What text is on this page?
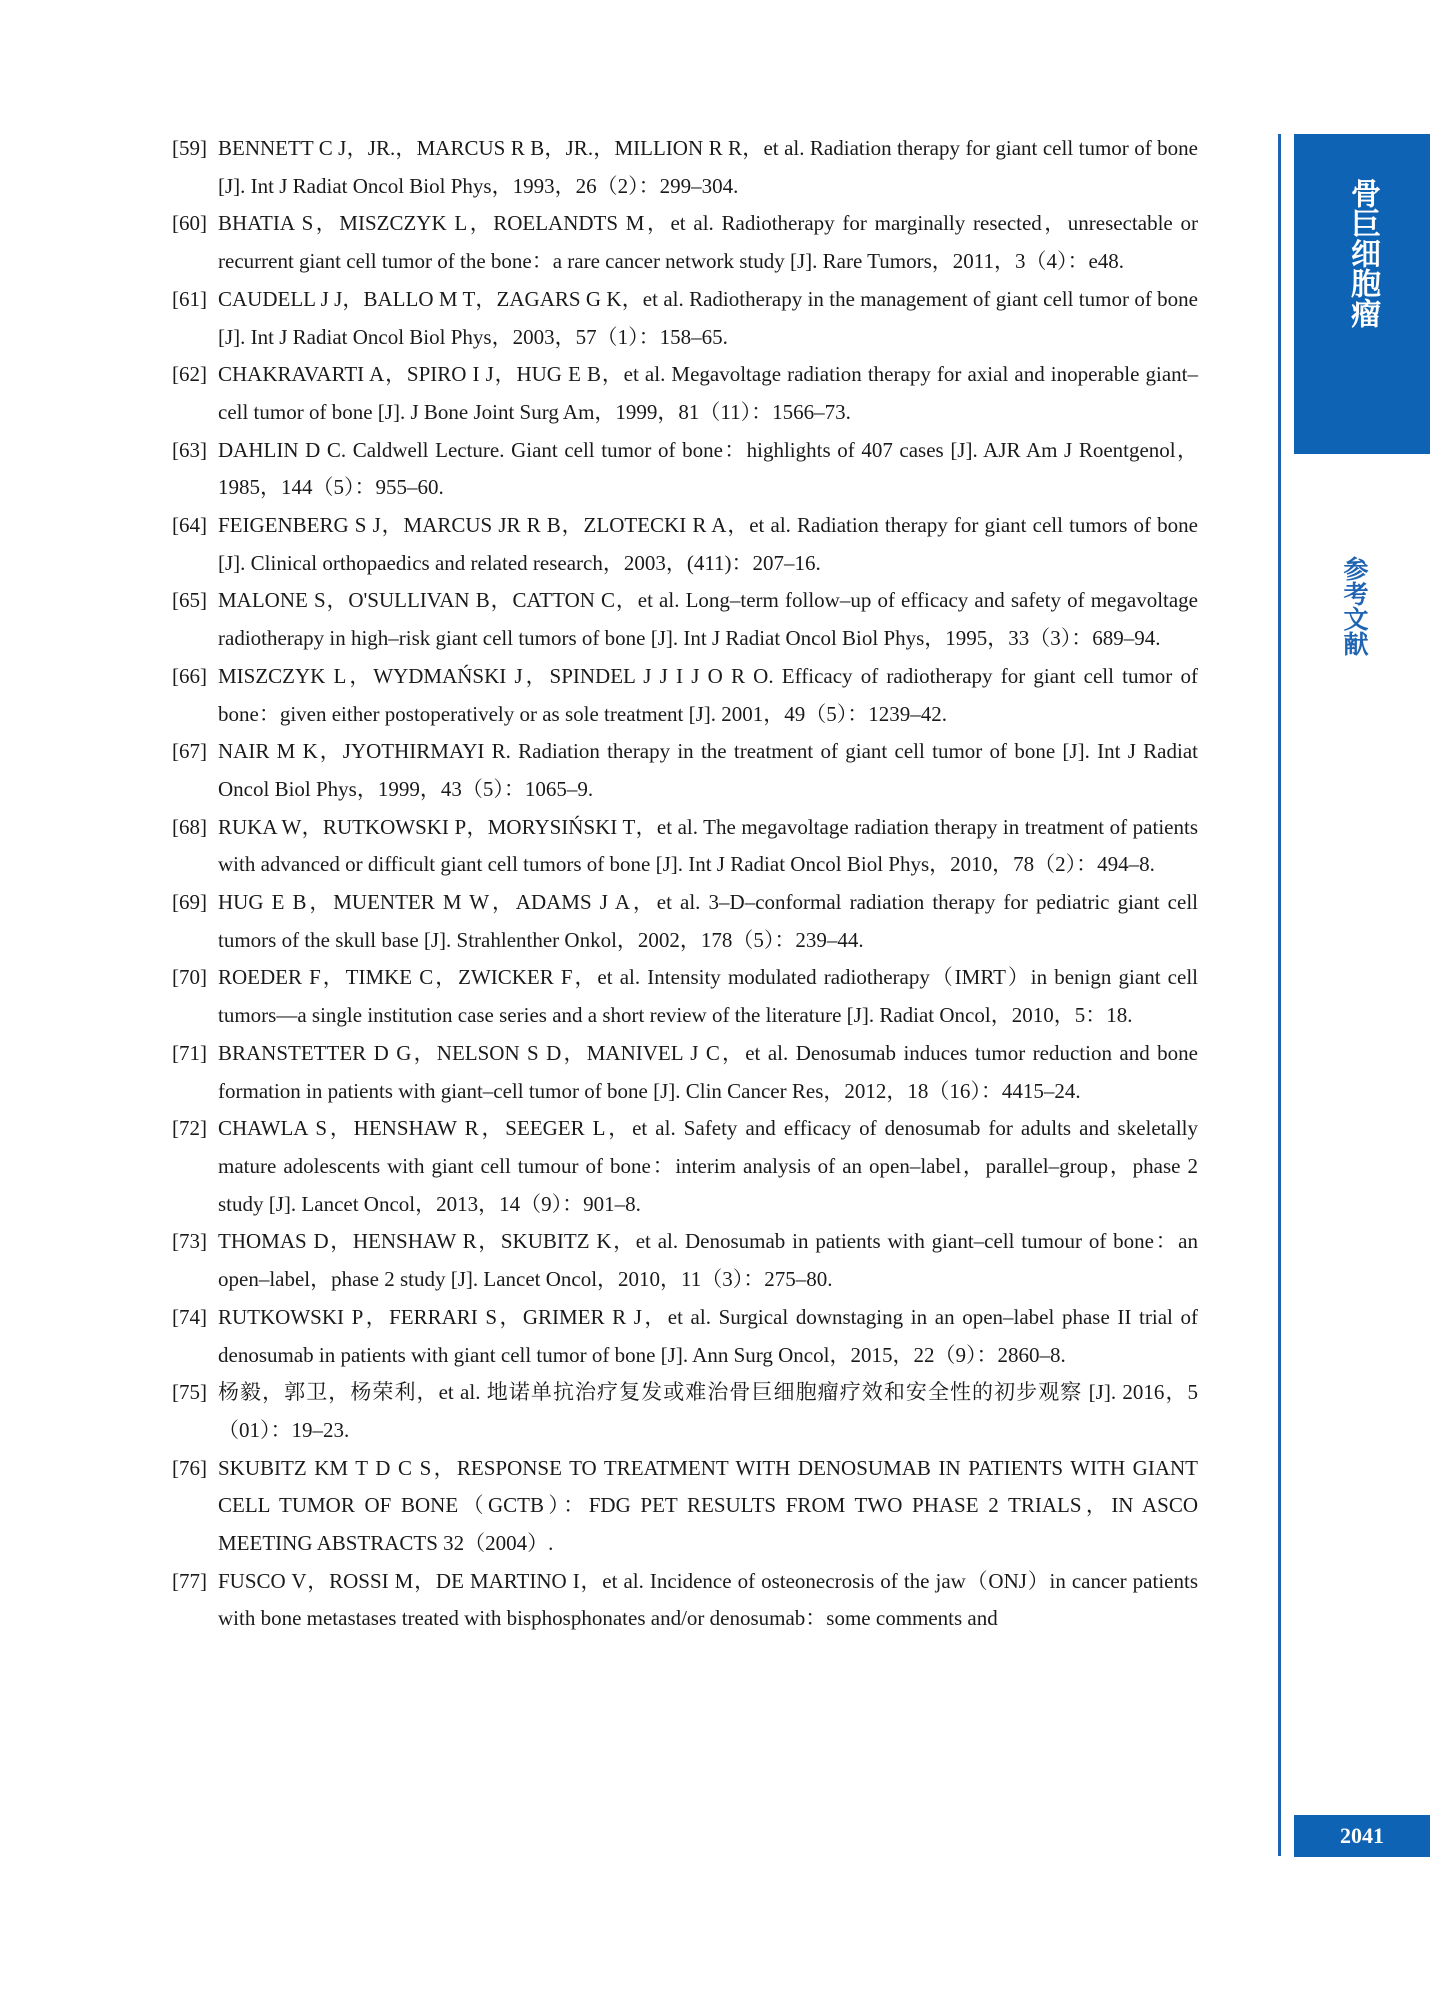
[59] BENNETT C J，JR.，MARCUS R B，JR.，MILLION R R，et al. Radiation therapy for giant cell tumor of bone [J]. Int J Radiat Oncol Biol Phys，1993，26（2）：299–304.
[60] BHATIA S，MISZCZYK L，ROELANDTS M，et al. Radiotherapy for marginally resected，unresectable or recurrent giant cell tumor of the bone：a rare cancer network study [J]. Rare Tumors，2011，3（4）：e48.
[61] CAUDELL J J，BALLO M T，ZAGARS G K，et al. Radiotherapy in the management of giant cell tumor of bone [J]. Int J Radiat Oncol Biol Phys，2003，57（1）：158–65.
[62] CHAKRAVARTI A，SPIRO I J，HUG E B，et al. Megavoltage radiation therapy for axial and inoperable giant–cell tumor of bone [J]. J Bone Joint Surg Am，1999，81（11）：1566–73.
[63] DAHLIN D C. Caldwell Lecture. Giant cell tumor of bone：highlights of 407 cases [J]. AJR Am J Roentgenol，1985，144（5）：955–60.
[64] FEIGENBERG S J，MARCUS JR R B，ZLOTECKI R A，et al. Radiation therapy for giant cell tumors of bone [J]. Clinical orthopaedics and related research，2003，(411)：207–16.
[65] MALONE S，O'SULLIVAN B，CATTON C，et al. Long–term follow–up of efficacy and safety of megavoltage radiotherapy in high–risk giant cell tumors of bone [J]. Int J Radiat Oncol Biol Phys，1995，33（3）：689–94.
[66] MISZCZYK L，WYDMAŃSKI J，SPINDEL J J I J O R O. Efficacy of radiotherapy for giant cell tumor of bone：given either postoperatively or as sole treatment [J]. 2001，49（5）：1239–42.
[67] NAIR M K，JYOTHIRMAYI R. Radiation therapy in the treatment of giant cell tumor of bone [J]. Int J Radiat Oncol Biol Phys，1999，43（5）：1065–9.
[68] RUKA W，RUTKOWSKI P，MORYSIŃSKI T，et al. The megavoltage radiation therapy in treatment of patients with advanced or difficult giant cell tumors of bone [J]. Int J Radiat Oncol Biol Phys，2010，78（2）：494–8.
[69] HUG E B，MUENTER M W，ADAMS J A，et al. 3–D–conformal radiation therapy for pediatric giant cell tumors of the skull base [J]. Strahlenther Onkol，2002，178（5）：239–44.
[70] ROEDER F，TIMKE C，ZWICKER F，et al. Intensity modulated radiotherapy（IMRT）in benign giant cell tumors––a single institution case series and a short review of the literature [J]. Radiat Oncol，2010，5：18.
[71] BRANSTETTER D G，NELSON S D，MANIVEL J C，et al. Denosumab induces tumor reduction and bone formation in patients with giant–cell tumor of bone [J]. Clin Cancer Res，2012，18（16）：4415–24.
[72] CHAWLA S，HENSHAW R，SEEGER L，et al. Safety and efficacy of denosumab for adults and skeletally mature adolescents with giant cell tumour of bone：interim analysis of an open–label，parallel–group，phase 2 study [J]. Lancet Oncol，2013，14（9）：901–8.
[73] THOMAS D，HENSHAW R，SKUBITZ K，et al. Denosumab in patients with giant–cell tumour of bone：an open–label，phase 2 study [J]. Lancet Oncol，2010，11（3）：275–80.
[74] RUTKOWSKI P，FERRARI S，GRIMER R J，et al. Surgical downstaging in an open–label phase II trial of denosumab in patients with giant cell tumor of bone [J]. Ann Surg Oncol，2015，22（9）：2860–8.
[75] 杨毅，郭卫，杨荣利，et al. 地诺单抗治疗复发或难治骨巨细胞瘤疗效和安全性的初步观察 [J]. 2016，5（01）：19–23.
[76] SKUBITZ KM T D C S，RESPONSE TO TREATMENT WITH DENOSUMAB IN PATIENTS WITH GIANT CELL TUMOR OF BONE（GCTB）：FDG PET RESULTS FROM TWO PHASE 2 TRIALS，IN ASCO MEETING ABSTRACTS 32（2004）.
[77] FUSCO V，ROSSI M，DE MARTINO I，et al. Incidence of osteonecrosis of the jaw（ONJ）in cancer patients with bone metastases treated with bisphosphonates and/or denosumab：some comments and
骨巨细胞瘤
参考文献
2041
